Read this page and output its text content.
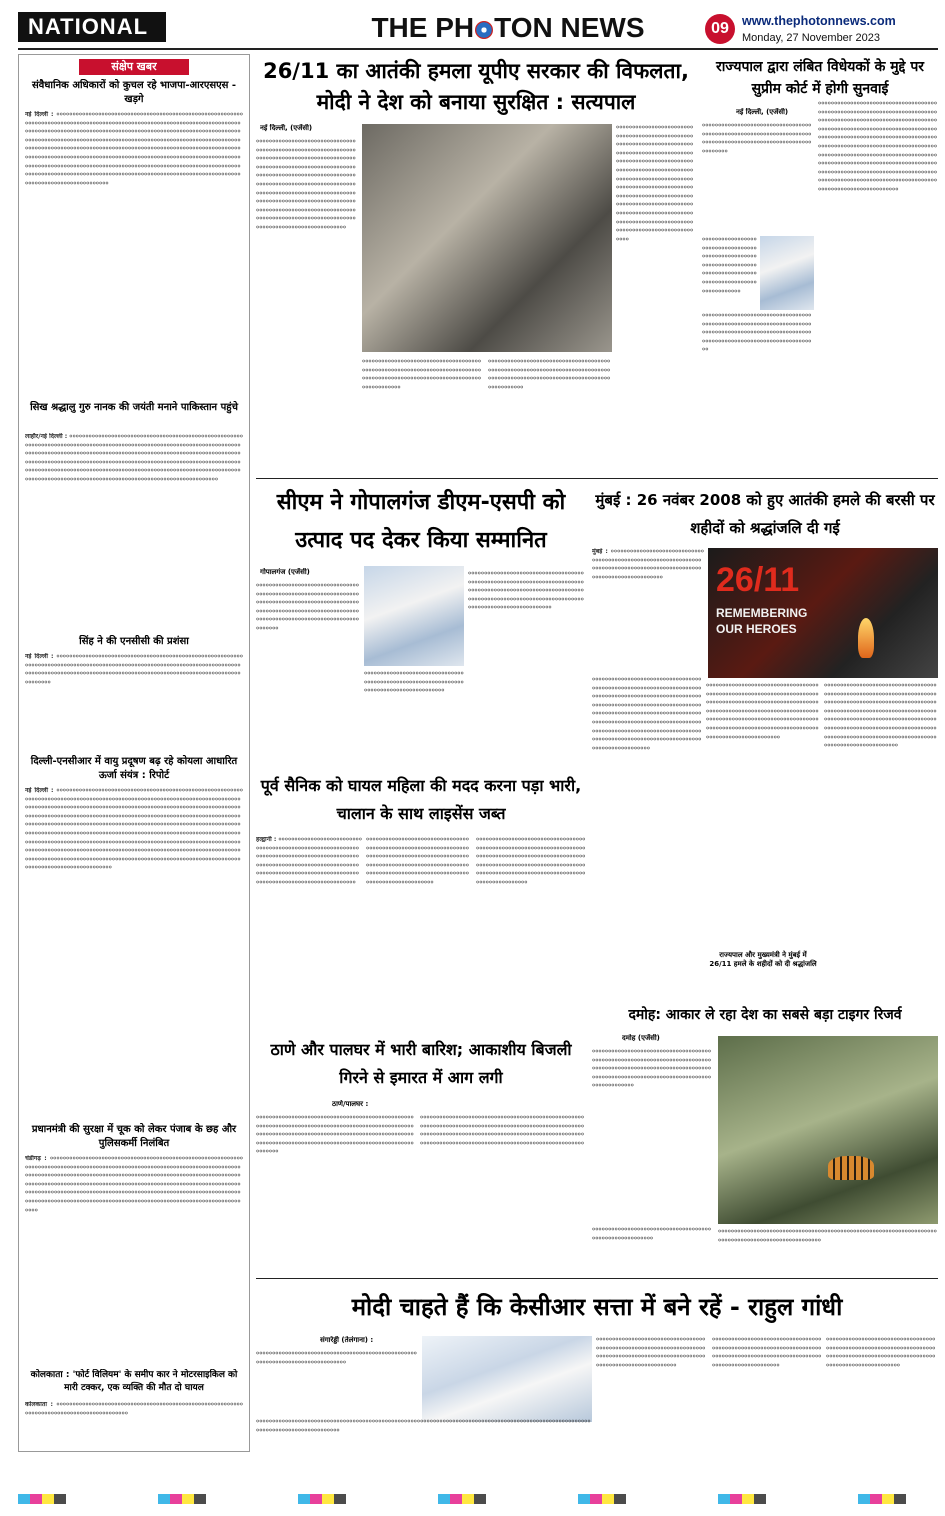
NATIONAL	THE PH TON NEWS	09	www.thephotonnews.com
Monday, 27 November 2023
संक्षेप खबर
संवैधानिक अधिकारों को कुचल रहे भाजपा-आरएसएस - खड़गे
नई दिल्ली : ०००००००००००००००००००००००००००००००००००००००००००००००००००००००००००००००००००००००००००००००००००००००००००००००००००००००००००००००००००००००००००००००००००००००००००००००००००००००००००००००००००००००००००००००००००००००००००००००००००००००००००००००००००००००००००००००००००००००००००००००००००००००००००००००००००००००००००००००००००००००००००००००००००००००००००००००००००००००००००००००००००००००००००००००००००००००००००००००००००००००००००००००००००००००००००००००००००००००००००००००००००००००००००००००००००००००००००००००००००००००००००००००००००००००००००००००००००००००००००००००००००००००००००००००००००००००००००००००००००००००००००००००००००००००००००००००००००००००००
सिख श्रद्धालु गुरु नानक की जयंती मनाने पाकिस्तान पहुंचे
लाहौर/नई दिल्ली : ००००००००००००००००००००००००००००००००००००००००००००००००००००००००००००००००००००००००००००००००००००००००००००००००००००००००००००००००००००००००००००००००००००००००००००००००००००००००००००००००००००००००००००००००००००००००००००००००००००००००००००००००००००००००००००००००००००००००००००००००००००००००००००००००००००००००००००००००००००००००००००००००००००००००००००००००००००००००००००००००००००००००००००००००००००००००००००००००००००००००००००००००००००००००००००००
सिंह ने की एनसीसी की प्रशंसा
नई दिल्ली : ००००००००००००००००००००००००००००००००००००००००००००००००००००००००००००००००००००००००००००००००००००००००००००००००००००००००००००००००००००००००००००००००००००००००००००००००००००००००००००००००००००००००००००००००००००००००००००००००००००००००
दिल्ली-एनसीआर में वायु प्रदूषण बढ़ रहे कोयला आधारित ऊर्जा संयंत्र : रिपोर्ट
नई दिल्ली : ०००००००००००००००००००००००००००००००००००००००००००००००००००००००००००००००००००००००००००००००००००००००००००००००००००००००००००००००००००००००००००००००००००००००००००००००००००००००००००००००००००००००००००००००००००००००००००००००००००००००००००००००००००००००००००००००००००००००००००००००००००००००००००००००००००००००००००००००००००००००००००००००००००००००००००००००००००००००००००००००००००००००००००००००००००००००००००००००००००००००००००००००००००००००००००००००००००००००००००००००००००००००००००००००००००००००००००००००००००००००००००००००००००००००००००००००००००००००००००००००००००००००००००००००००००००००००००००००००००००००००००००००००००००००००००००००००००००००००००००००००००००००००००००००००००००००००००००००००००००००००००००००००००००००००००००
प्रधानमंत्री की सुरक्षा में चूक को लेकर पंजाब के छह और पुलिसकर्मी निलंबित
चंडीगढ़ : ०००००००००००००००००००००००००००००००००००००००००००००००००००००००००००००००००००००००००००००००००००००००००००००००००००००००००००००००००००००००००००००००००००००००००००००००००००००००००००००००००००००००००००००००००००००००००००००००००००००००००००००००००००००००००००००००००००००००००००००००००००००००००००००००००००००००००००००००००००००००००००००००००००००००००००००००००००००००००००००००००००००००००००००००००००००००००००००००००००००००००००००००००००००००००००००००००००००००००००००००
कोलकाता : 'फोर्ट विलियम' के समीप कार ने मोटरसाइकिल को मारी टक्कर, एक व्यक्ति की मौत दो घायल
कोलकाता : ००००००००००००००००००००००००००००००००००००००००००००००००००००००००००००००००००००००००००००००००००००००००००
26/11 का आतंकी हमला यूपीए सरकार की विफलता, मोदी ने देश को बनाया सुरक्षित : सत्यपाल
नई दिल्ली, (एजेंसी)
००००००००००००००००००००००००००००००००००००००००००००००००००००००००००००००००००००००००००००००००००००००००००००००००००००००००००००००००००००००००००००००००००००००००००००००००००००००००००००००००००००००००००००००००००००००००००००००००००००००००००००००००००००००००००००००००००००००००००००००००००००००००००००००००००००००००००००००००००००००००००००००००००००००००००००००००००००००००००००००००००००००००००००००००००
०००००००००००००००००००००००००००००००००००००००००००००००००००००००००००००००००००००००००००००००००००००००००००००००००००००००००००००००००००००००००००
०००००००००००००००००००००००००००००००००००००००००००००००००००००००००००००००००००००००००००००००००००००००००००००००००००००००००००००००००००००००००००००
००००००००००००००००००००००००००००००००००००००००००००००००००००००००००००००००००००००००००००००००००००००००००००००००००००००००००००००००००००००००००००००००००००००००००००००००००००००००००००००००००००००००००००००००००००००००००००००००००००००००००००००००००००००००००००००००००००००००००००००००००००००००००००००००००००००००००००००००००००००००००००००००००००००००००००००००००००००००००००
राज्यपाल द्वारा लंबित विधेयकों के मुद्दे पर सुप्रीम कोर्ट में होगी सुनवाई
नई दिल्ली, (एजेंसी)
००००००००००००००००००००००००००००००००००००००००००००००००००००००००००००००००००००००००००००००००००००००००००००००००००००००००००००००
००००००००००००००००००००००००००००००००००००००००००००००००००००००००००००००००००००००००००००००००००००००००००००००००००००००००००००००००००
००००००००००००००००००००००००००००००००००००००००००००००००००००००००००००००००००००००००००००००००००००००००००००००००००००००००००००००००००००००००००००००००००००००००००
०००००००००००००००००००००००००००००००००००००००००००००००००००००००००००००००००००००००००००००००००००००००००००००००००००००००००००००००००००००००००००००००००००००००००००००००००००००००००००००००००००००००००००००००००००००००००००००००००००००००००००००००००००००००००००००००००००००००००००००००००००००००००००००००००००००००००००००००००००००००००००००००००००००००००००००००००००००००००००००००००००००००००००००००००००००००००००००००००००००००००००००००००००००००००००००००००००००००००००
सीएम ने गोपालगंज डीएम-एसपी को उत्पाद पद देकर किया सम्मानित
गोपालगंज (एजेंसी)
०००००००००००००००००००००००००००००००००००००००००००००००००००००००००००००००००००००००००००००००००००००००००००००००००००००००००००००००००००००००००००००००००००००००००००००००००००००००००००००००००००००००
०००००००००००००००००००००००००००००००००००००००००००००००००००००००००००००००००००००००००००००००००००००००
००००००००००००००००००००००००००००००००००००००००००००००००००००००००००००००००००००००००००००००००००००००००००००००००००००००००००००००००००००००००००००००००००००००००००००००००००००००००००००००००००००००००००
मुंबई : 26 नवंबर 2008 को हुए आतंकी हमले की बरसी पर शहीदों को श्रद्धांजलि दी गई
मुंबई : ०००००००००००००००००००००००००००००००००००००००००००००००००००००००००००००००००००००००००००००००००००००००००००००००००००००००००००००००००००००००	26/11
REMEMBERING
OUR HEROES
००००००००००००००००००००००००००००००००००००००००००००००००००००००००००००००००००००००००००००००००००००००००००००००००००००००००००००००००००००००००००००००००००००००००००००००००००००००००००००००००००००००००००००००००००००००००००००००००००००००००००००००००००००००००००००००००००००००००००००००००००००००००००००००००००००००००००००००००००००००००००००००००००
०००००००००००००००००००००००००००००००००००००००००००००००००००००००००००००००००००००००००००००००००००००००००००००००००००००००००००००००००००००००००००००००००००००००००००००००००००००००००००००००००००००००००००००००००००००००००००००००००००००००००००००००००००००००००००००००००००००००००
राज्यपाल और मुख्यमंत्री ने मुंबई में 26/11 हमले के शहीदों को दी श्रद्धांजलि
००००००००००००००००००००००००००००००००००००००००००००००००००००००००००००००००००००००००००००००००००००००००००००००००००००००००००००००००००००००००००००००००००००००००००००००००००००००००००००००००००००००००००००००००००००००००००००००००००००००००००००००००००००००००००००००००००००००००००००००००००००००००००००००००००००००००००००
पूर्व सैनिक को घायल महिला की मदद करना पड़ा भारी, चालान के साथ लाइसेंस जब्त
हल्द्वानी : ०००००००००००००००००००००००००००००००००००००००००००००००००००००००००००००००००००००००००००००००००००००००००००००००००००००००००००००००००००००००००००००००००००००००००००००००००००००००००००००००००००००००००००००००००००००००००
०००००००००००००००००००००००००००००००००००००००००००००००००००००००००००००००००००००००००००००००००००००००००००००००००००००००००००००००००००००००००००००००००००००००००००००००००००००००००००००००००००००००००००००००००००००
००००००००००००००००००००००००००००००००००००००००००००००००००००००००००००००००००००००००००००००००००००००००००००००००००००००००००००००००००००००००००००००००००००००००००००००००००००००००००००००००००००००००००००००००००००००००००
दमोह: आकार ले रहा देश का सबसे बड़ा टाइगर रिजर्व
दमोह (एजेंसी)
०००००००००००००००००००००००००००००००००००००००००००००००००००००००००००००००००००००००००००००००००००००००००००००००००००००००००००००००००००००००००००००००००००००००००००००००००००००००००००००००००
००००००००००००००००००००००००००००००००००००००००००००००००००००००००
००००००००००००००००००००००००००००००००००००००००००००००००००००००००००००००००००००००००००००००००००००००००००००००००००००
ठाणे और पालघर में भारी बारिश; आकाशीय बिजली गिरने से इमारत में आग लगी
ठाणे/पालघर :
०००००००००००००००००००००००००००००००००००००००००००००००००००००००००००००००००००००००००००००००००००००००००००००००००००००००००००००००००००००००००००००००००००००००००००००००००००००००००००००००००००००००००००००००००००००००००००००००००००००००००००
००००००००००००००००००००००००००००००००००००००००००००००००००००००००००००००००००००००००००००००००००००००००००००००००००००००००००००००००००००००००००००००००००००००००००००००००००००००००००००००००००००००००००००००००००००००००००००००००००००००००००००
मोदी चाहते हैं कि केसीआर सत्ता में बने रहें - राहुल गांधी
संगारेड्डी (तेलंगाना) :
००००००००००००००००००००००००००००००००००००००००००००००००००००००००००००००००००००००००००००००
००००००००००००००००००००००००००००००००००००००००००००००००००००००००००००००००००००००००००००००००००००००००००००००००००००००००००००००००००००००००००००००००००
०००००००००००००००००००००००००००००००००००००००००००००००००००००००००००००००००००००००००००००००००००००००००००००००००००००००००००००००००००००००००००००००
०००००००००००००००००००००००००००००००००००००००००००००००००००००००००००००००००००००००००००००००००००००००००००००००००००००००००००००००००००००००००००
०००००००००००००००००००००००००००००००००००००००००००००००००००००००००००००००००००००००००००००००००००००००००००००००००००००००००००००००००००००००००००००
